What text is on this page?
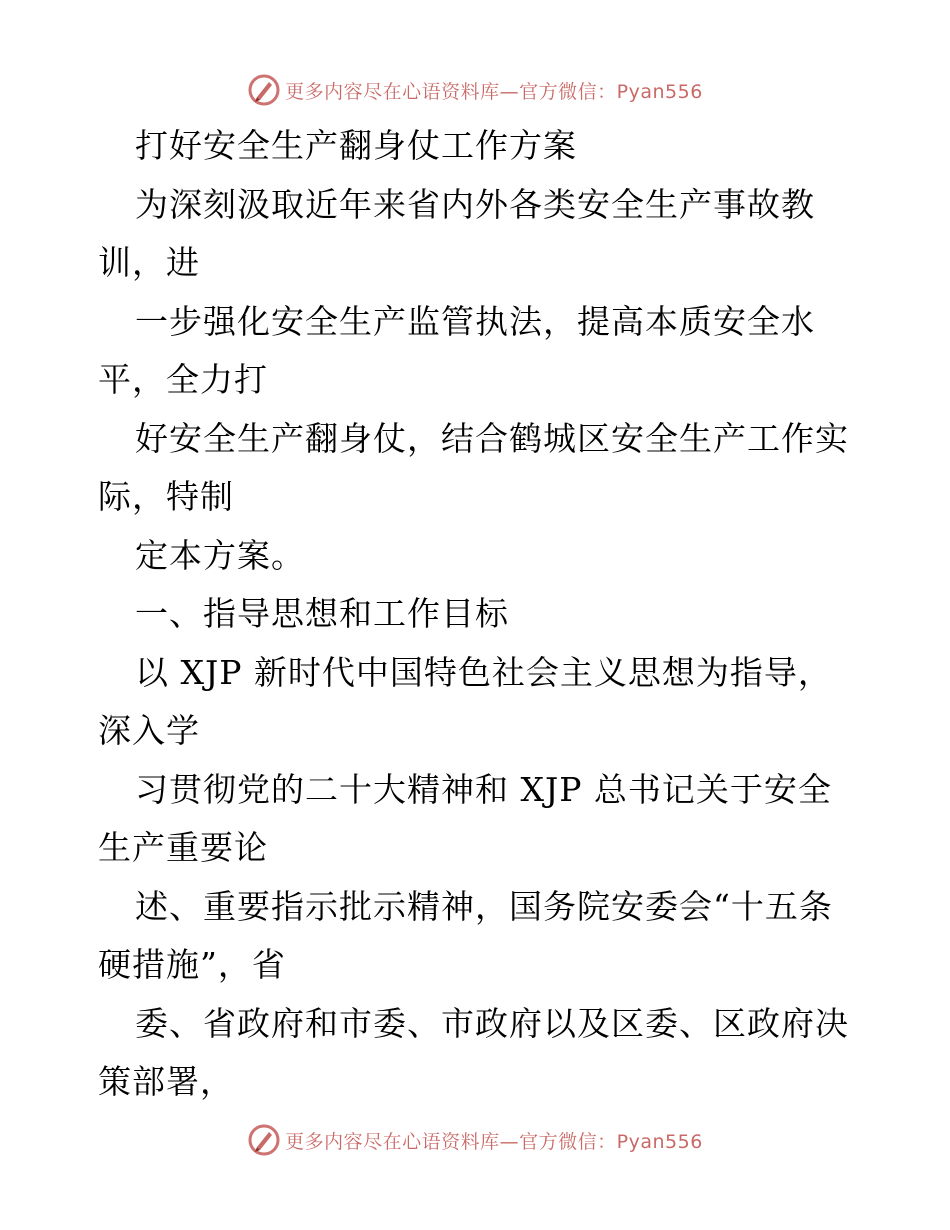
更多内容尽在心语资料库—官方微信：Pyan556
打好安全生产翻身仗工作方案
为深刻汲取近年来省内外各类安全生产事故教
训，进
一步强化安全生产监管执法，提高本质安全水
平，全力打
好安全生产翻身仗，结合鹤城区安全生产工作实
际，特制
定本方案。
一、指导思想和工作目标
以 XJP 新时代中国特色社会主义思想为指导，
深入学
习贯彻党的二十大精神和 XJP 总书记关于安全
生产重要论
述、重要指示批示精神，国务院安委会“十五条
硬措施”，省
委、省政府和市委、市政府以及区委、区政府决
策部署，
更多内容尽在心语资料库—官方微信：Pyan556
